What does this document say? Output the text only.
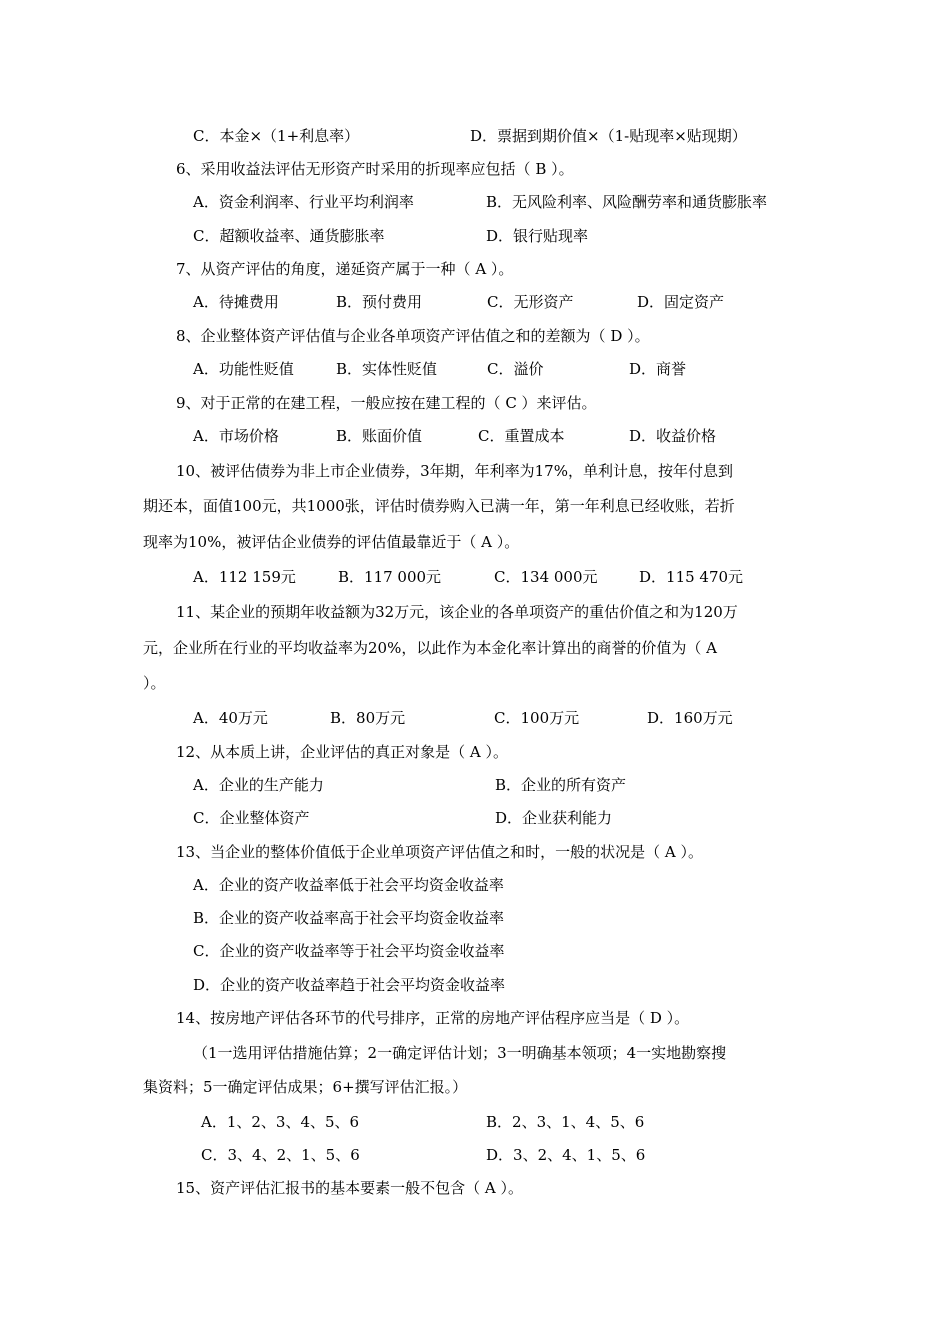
C．本金×（1+利息率）	D．票据到期价值×（1-贴现率×贴现期）
6、采用收益法评估无形资产时采用的折现率应包括（ B ）。
A．资金利润率、行业平均利润率	B．无风险利率、风险酬劳率和通货膨胀率
C．超额收益率、通货膨胀率	D．银行贴现率
7、从资产评估的角度，递延资产属于一种（ A ）。
A．待摊费用	B．预付费用	C．无形资产	D．固定资产
8、企业整体资产评估值与企业各单项资产评估值之和的差额为（ D ）。
A．功能性贬值	B．实体性贬值	C．溢价	D．商誉
9、对于正常的在建工程，一般应按在建工程的（ C ）来评估。
A．市场价格	B．账面价值	C．重置成本	D．收益价格
10、被评估债券为非上市企业债券，3年期，年利率为17%，单利计息，按年付息到
期还本，面值100元，共1000张，评估时债券购入已满一年，第一年利息已经收账，若折
现率为10%，被评估企业债券的评估值最靠近于（ A ）。
A．112 159元	B．117 000元	C．134 000元	D．115 470元
11、某企业的预期年收益额为32万元，该企业的各单项资产的重估价值之和为120万
元，企业所在行业的平均收益率为20%，以此作为本金化率计算出的商誉的价值为（ A
）。
A．40万元	B．80万元	C．100万元	D．160万元
12、从本质上讲，企业评估的真正对象是（ A ）。
A．企业的生产能力	B．企业的所有资产
C．企业整体资产	D．企业获利能力
13、当企业的整体价值低于企业单项资产评估值之和时，一般的状况是（ A ）。
A．企业的资产收益率低于社会平均资金收益率
B．企业的资产收益率高于社会平均资金收益率
C．企业的资产收益率等于社会平均资金收益率
D．企业的资产收益率趋于社会平均资金收益率
14、按房地产评估各环节的代号排序，正常的房地产评估程序应当是（ D ）。
（1一选用评估措施估算；2一确定评估计划；3一明确基本领项；4一实地勘察搜
集资料；5一确定评估成果；6+撰写评估汇报。）
A．1、2、3、4、5、6	B．2、3、1、4、5、6
C．3、4、2、1、5、6	D．3、2、4、1、5、6
15、资产评估汇报书的基本要素一般不包含（ A ）。
